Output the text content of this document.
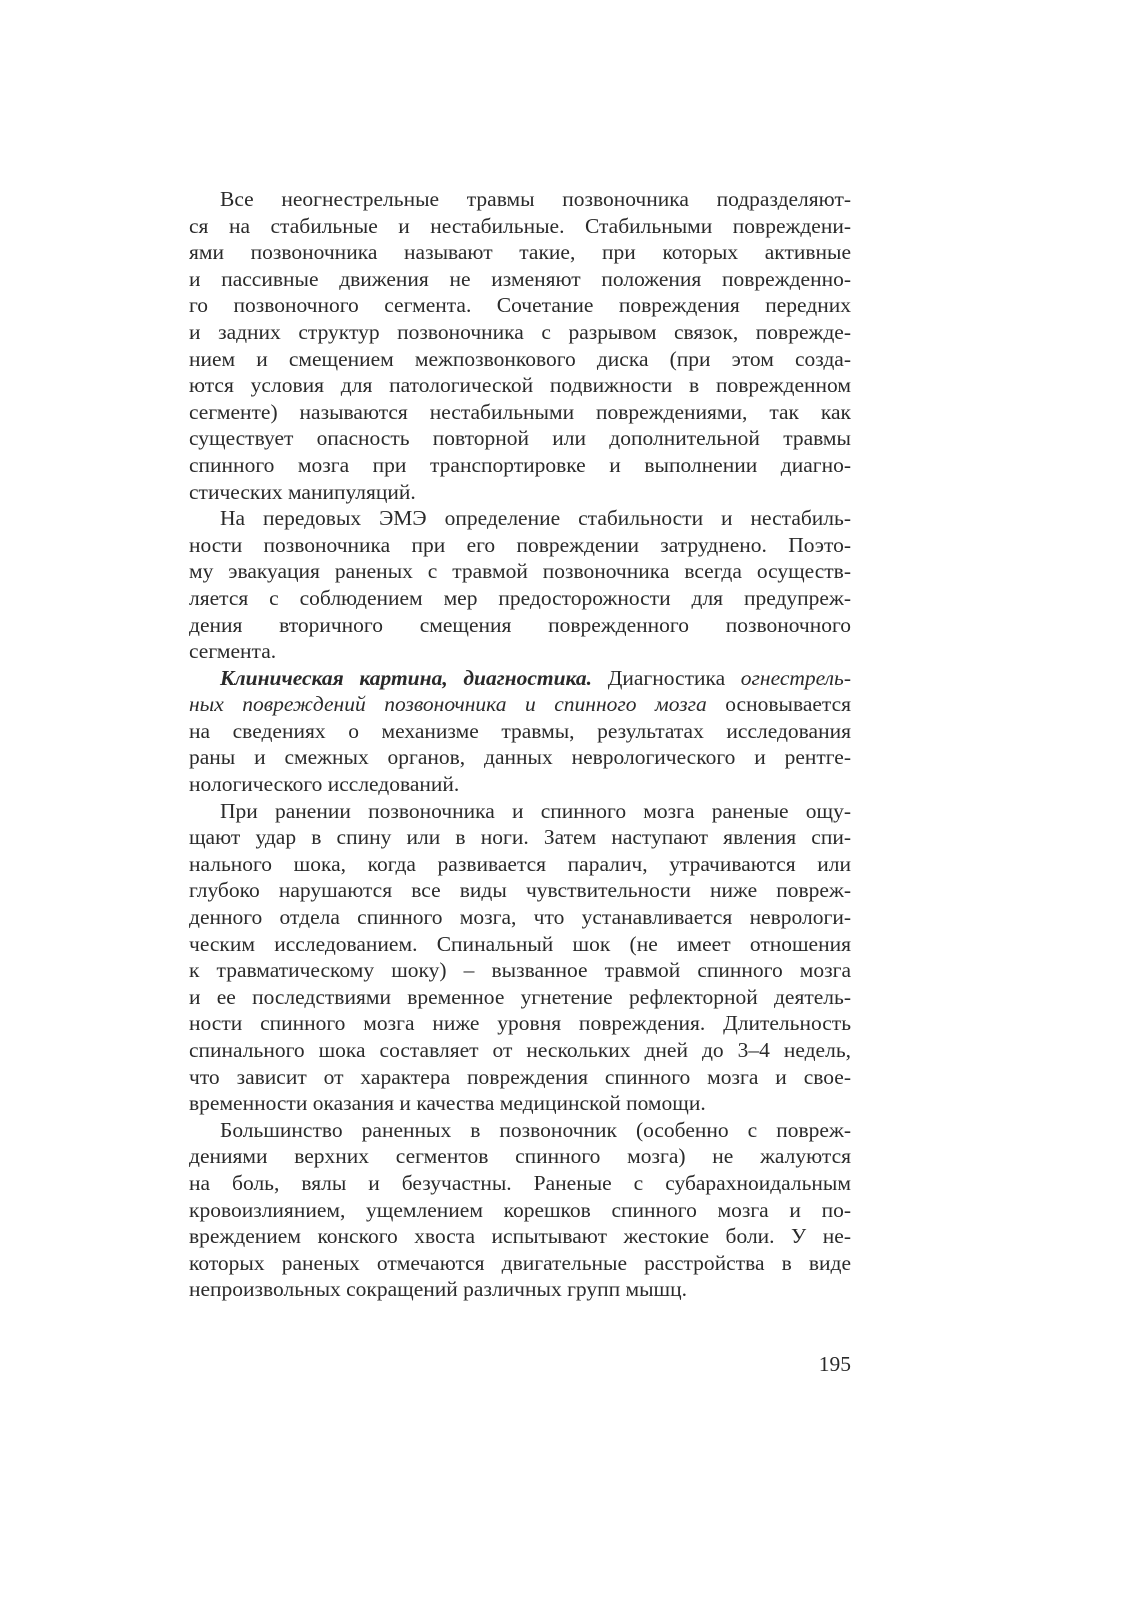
Все неогнестрельные травмы позвоночника подразделяют-
ся на стабильные и нестабильные. Стабильными повреждени-
ями позвоночника называют такие, при которых активные
и пассивные движения не изменяют положения поврежденно-
го позвоночного сегмента. Сочетание повреждения передних
и задних структур позвоночника с разрывом связок, поврежде-
нием и смещением межпозвонкового диска (при этом созда-
ются условия для патологической подвижности в поврежденном
сегменте) называются нестабильными повреждениями, так как
существует опасность повторной или дополнительной травмы
спинного мозга при транспортировке и выполнении диагно-
стических манипуляций.
На передовых ЭМЭ определение стабильности и нестабиль-
ности позвоночника при его повреждении затруднено. Поэто-
му эвакуация раненых с травмой позвоночника всегда осуществ-
ляется с соблюдением мер предосторожности для предупреж-
дения вторичного смещения поврежденного позвоночного
сегмента.
Клиническая картина, диагностика. Диагностика огнестрель-
ных повреждений позвоночника и спинного мозга основывается
на сведениях о механизме травмы, результатах исследования
раны и смежных органов, данных неврологического и рентге-
нологического исследований.
При ранении позвоночника и спинного мозга раненые ощу-
щают удар в спину или в ноги. Затем наступают явления спи-
нального шока, когда развивается паралич, утрачиваются или
глубоко нарушаются все виды чувствительности ниже повреж-
денного отдела спинного мозга, что устанавливается неврологи-
ческим исследованием. Спинальный шок (не имеет отношения
к травматическому шоку) – вызванное травмой спинного мозга
и ее последствиями временное угнетение рефлекторной деятель-
ности спинного мозга ниже уровня повреждения. Длительность
спинального шока составляет от нескольких дней до 3–4 недель,
что зависит от характера повреждения спинного мозга и свое-
временности оказания и качества медицинской помощи.
Большинство раненных в позвоночник (особенно с повреж-
дениями верхних сегментов спинного мозга) не жалуются
на боль, вялы и безучастны. Раненые с субарахноидальным
кровоизлиянием, ущемлением корешков спинного мозга и по-
вреждением конского хвоста испытывают жестокие боли. У не-
которых раненых отмечаются двигательные расстройства в виде
непроизвольных сокращений различных групп мышц.
195
